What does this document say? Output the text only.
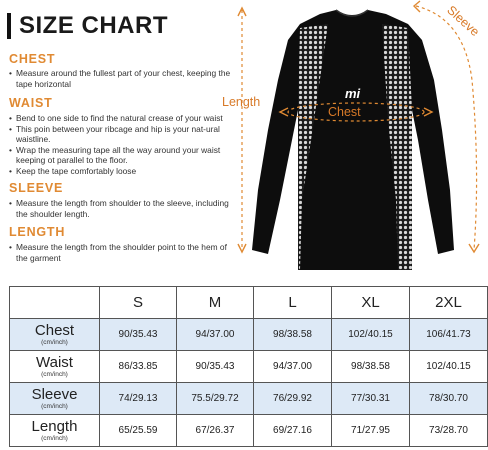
SIZE CHART
CHEST
• Measure around the fullest part of your chest, keeping the tape horizontal
WAIST
• Bend to one side to find the natural crease of your waist
• This poin between your ribcage and hip is your nat-ural waistline.
• Wrap the measuring tape all the way around your waist keeping ot parallel to the floor.
• Keep the tape comfortably loose
SLEEVE
• Measure the length from shoulder to the sleeve, including the shoulder length.
LENGTH
• Measure the length from the shoulder point to the hem of the garment
mi
Length
Chest
Sleeve
	S	M	L	XL	2XL

Chest
(cm/inch)	90/35.43	94/37.00	98/38.58	102/40.15	106/41.73

Waist
(cm/inch)	86/33.85	90/35.43	94/37.00	98/38.58	102/40.15

Sleeve
(cm/inch)	74/29.13	75.5/29.72	76/29.92	77/30.31	78/30.70

Length
(cm/inch)	65/25.59	67/26.37	69/27.16	71/27.95	73/28.70
